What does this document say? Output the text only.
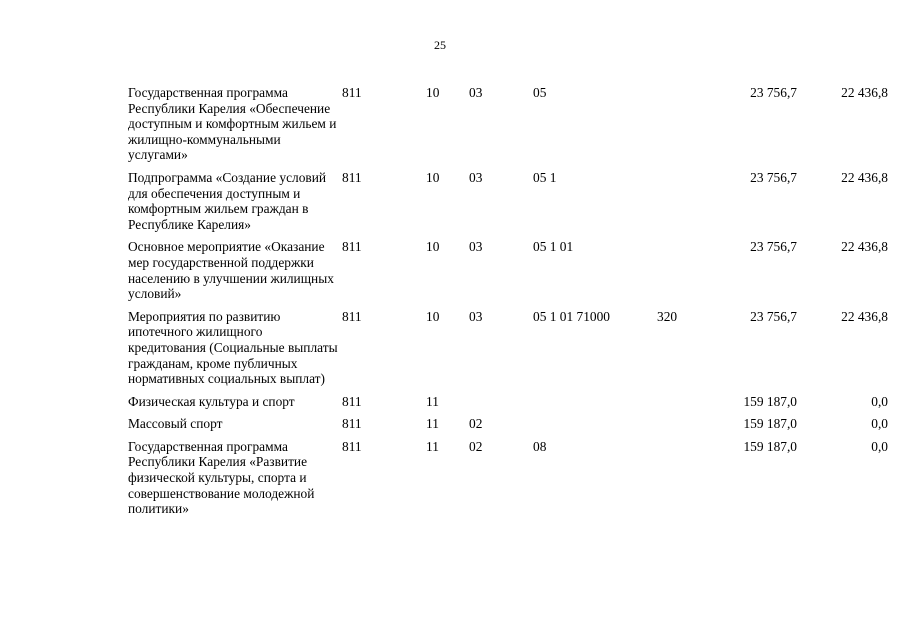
25
Государственная программа Республики Карелия «Обеспечение доступным и комфортным жильем и жилищно-коммунальными услугами»	811	10	03	05		23 756,7	22 436,8
Подпрограмма «Создание условий для обеспечения доступным и комфортным жильем граждан в Республике Карелия»	811	10	03	05 1		23 756,7	22 436,8
Основное мероприятие «Оказание мер государственной поддержки населению в улучшении жилищных условий»	811	10	03	05 1 01		23 756,7	22 436,8
Мероприятия по развитию ипотечного жилищного кредитования (Социальные выплаты гражданам, кроме публичных нормативных социальных выплат)	811	10	03	05 1 01 71000	320	23 756,7	22 436,8
Физическая культура и спорт	811	11				159 187,0	0,0
Массовый спорт	811	11	02			159 187,0	0,0
Государственная программа Республики Карелия «Развитие физической культуры, спорта и совершенствование молодежной политики»	811	11	02	08		159 187,0	0,0
